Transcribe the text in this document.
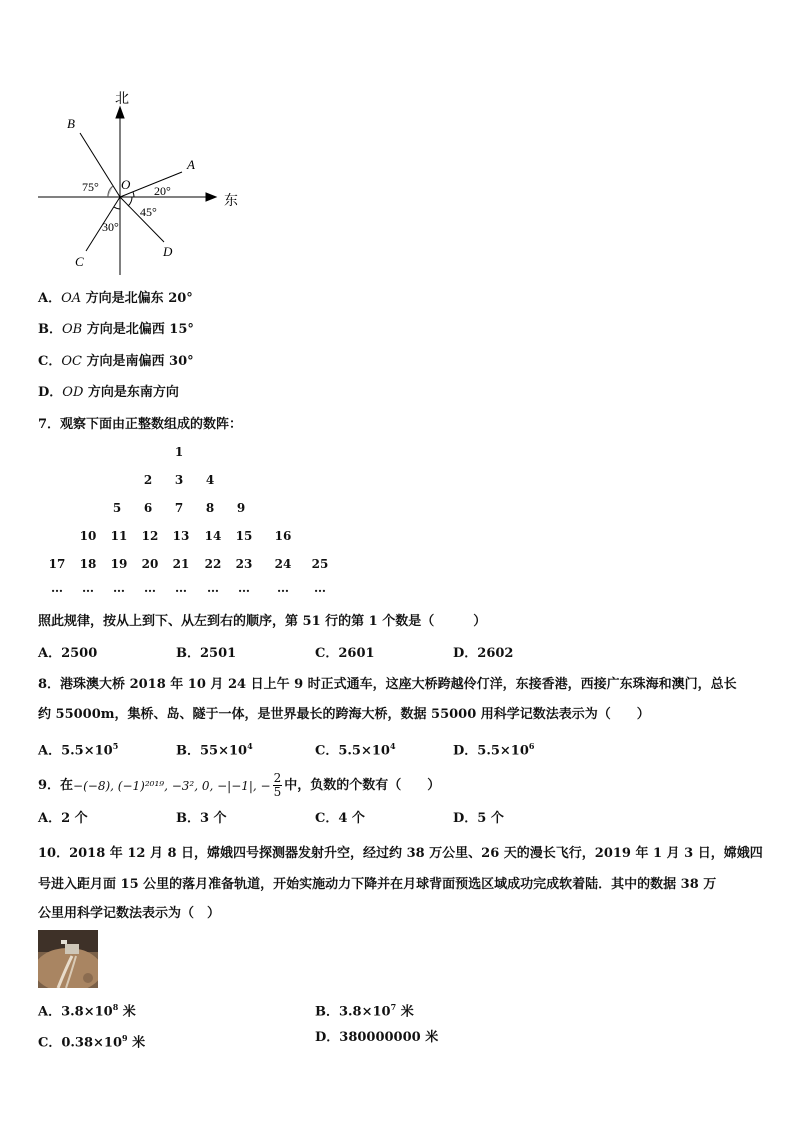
北
东
O
A
B
C
D
75°	20°
45°
30°
A．OA 方向是北偏东 20°
B．OB 方向是北偏西 15°
C．OC 方向是南偏西 30°
D．OD 方向是东南方向
7．观察下面由正整数组成的数阵：
1
2	3	4
5	6	7	8	9
10	11	12	13	14	15	16
17	18	19	20	21	22	23	24	25
…	…	…	…	…	…	…	…	…
照此规律，按从上到下、从左到右的顺序，第 51 行的第 1 个数是（　　　）
A．2500	B．2501	C．2601	D．2602
8．港珠澳大桥 2018 年 10 月 24 日上午 9 时正式通车，这座大桥跨越伶仃洋，东接香港，西接广东珠海和澳门，总长
约 55000m，集桥、岛、隧于一体，是世界最长的跨海大桥，数据 55000 用科学记数法表示为（　　）
A．$5.5\times 10^5$	B．$55\times 10^4$	C．$5.5\times 10^4$	D．$5.5\times 10^6$
9．在 −(−8), (−1)²⁰¹⁹, −3², 0, −|−1|, − $\frac{2}{5}$ 中，负数的个数有（　　）
A．2 个	B．3 个	C．4 个	D．5 个
10．2018 年 12 月 8 日，嫦娥四号探测器发射升空，经过约 38 万公里、26 天的漫长飞行，2019 年 1 月 3 日，嫦娥四
号进入距月面 15 公里的落月准备轨道，开始实施动力下降并在月球背面预选区域成功完成软着陆．其中的数据 38 万
公里用科学记数法表示为（　）
A．$3.8\times 10^8$ 米	B．$3.8\times 10^7$ 米
C．$0.38\times 10^9$ 米	D．380000000 米
